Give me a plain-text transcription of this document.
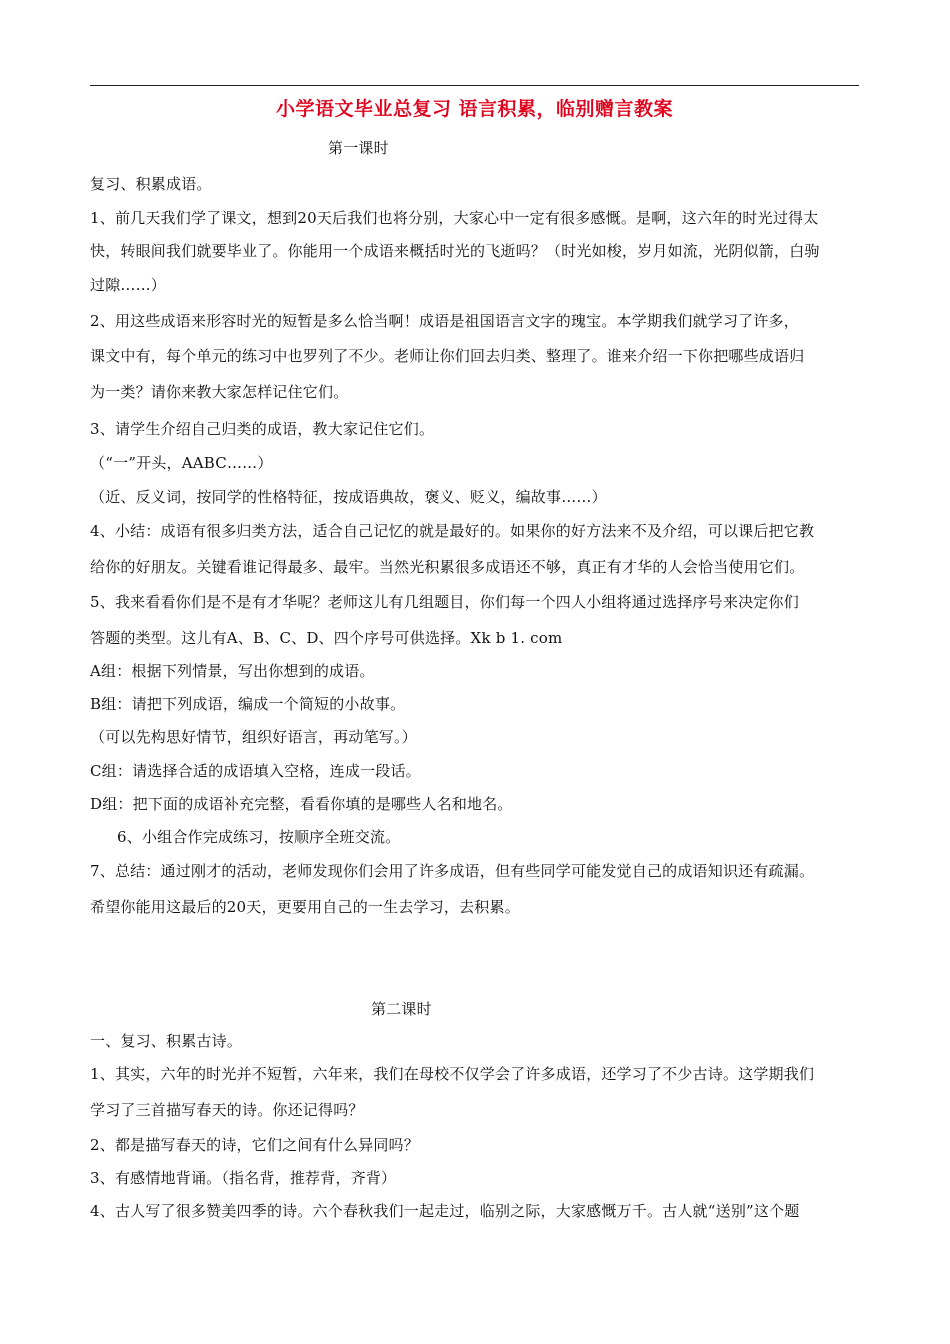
小学语文毕业总复习 语言积累，临别赠言教案
第一课时
复习、积累成语。
1、前几天我们学了课文，想到20天后我们也将分别，大家心中一定有很多感慨。是啊，这六年的时光过得太
快，转眼间我们就要毕业了。你能用一个成语来概括时光的飞逝吗？（时光如梭，岁月如流，光阴似箭，白驹
过隙……）
2、用这些成语来形容时光的短暂是多么恰当啊！成语是祖国语言文字的瑰宝。本学期我们就学习了许多，
课文中有，每个单元的练习中也罗列了不少。老师让你们回去归类、整理了。谁来介绍一下你把哪些成语归
为一类？请你来教大家怎样记住它们。
3、请学生介绍自己归类的成语，教大家记住它们。
（“一”开头，AABC……）
（近、反义词，按同学的性格特征，按成语典故，褒义、贬义，编故事……）
4、小结：成语有很多归类方法，适合自己记忆的就是最好的。如果你的好方法来不及介绍，可以课后把它教
给你的好朋友。关键看谁记得最多、最牢。当然光积累很多成语还不够，真正有才华的人会恰当使用它们。
5、我来看看你们是不是有才华呢？老师这儿有几组题目，你们每一个四人小组将通过选择序号来决定你们
答题的类型。这儿有A、B、C、D、四个序号可供选择。Xk b 1. com
A组：根据下列情景，写出你想到的成语。
B组：请把下列成语，编成一个简短的小故事。
（可以先构思好情节，组织好语言，再动笔写。）
C组：请选择合适的成语填入空格，连成一段话。
D组：把下面的成语补充完整，看看你填的是哪些人名和地名。
6、小组合作完成练习，按顺序全班交流。
7、总结：通过刚才的活动，老师发现你们会用了许多成语，但有些同学可能发觉自己的成语知识还有疏漏。
希望你能用这最后的20天，更要用自己的一生去学习，去积累。
第二课时
一、复习、积累古诗。
1、其实，六年的时光并不短暂，六年来，我们在母校不仅学会了许多成语，还学习了不少古诗。这学期我们
学习了三首描写春天的诗。你还记得吗？
2、都是描写春天的诗，它们之间有什么异同吗？
3、有感情地背诵。（指名背，推荐背，齐背）
4、古人写了很多赞美四季的诗。六个春秋我们一起走过，临别之际，大家感慨万千。古人就“送别”这个题
